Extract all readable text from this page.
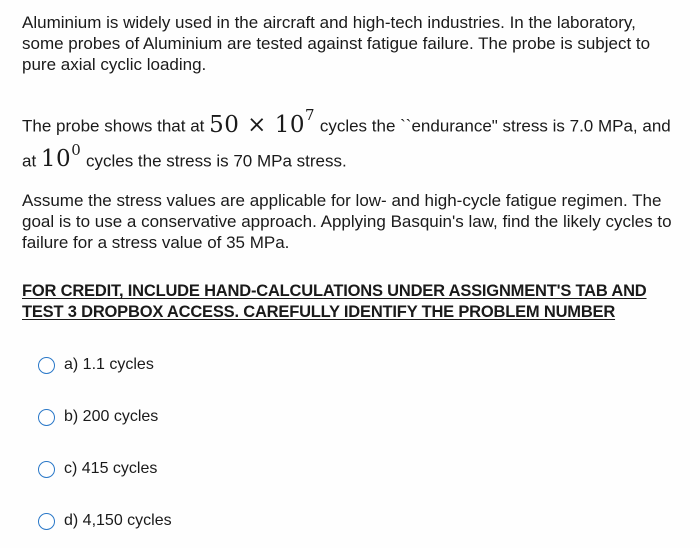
Aluminium is widely used in the aircraft and high-tech industries. In the laboratory, some probes of Aluminium are tested against fatigue failure. The probe is subject to pure axial cyclic loading.

The probe shows that at $50 \times 10^7$ cycles the ``endurance" stress is 7.0 MPa, and at $10^0$ cycles the stress is 70 MPa stress.

Assume the stress values are applicable for low- and high-cycle fatigue regimen. The goal is to use a conservative approach. Applying Basquin's law, find the likely cycles to failure for a stress value of 35 MPa.

FOR CREDIT, INCLUDE HAND-CALCULATIONS UNDER ASSIGNMENT'S TAB AND TEST 3 DROPBOX ACCESS. CAREFULLY IDENTIFY THE PROBLEM NUMBER

a) 1.1 cycles
b) 200 cycles
c) 415 cycles
d) 4,150 cycles
